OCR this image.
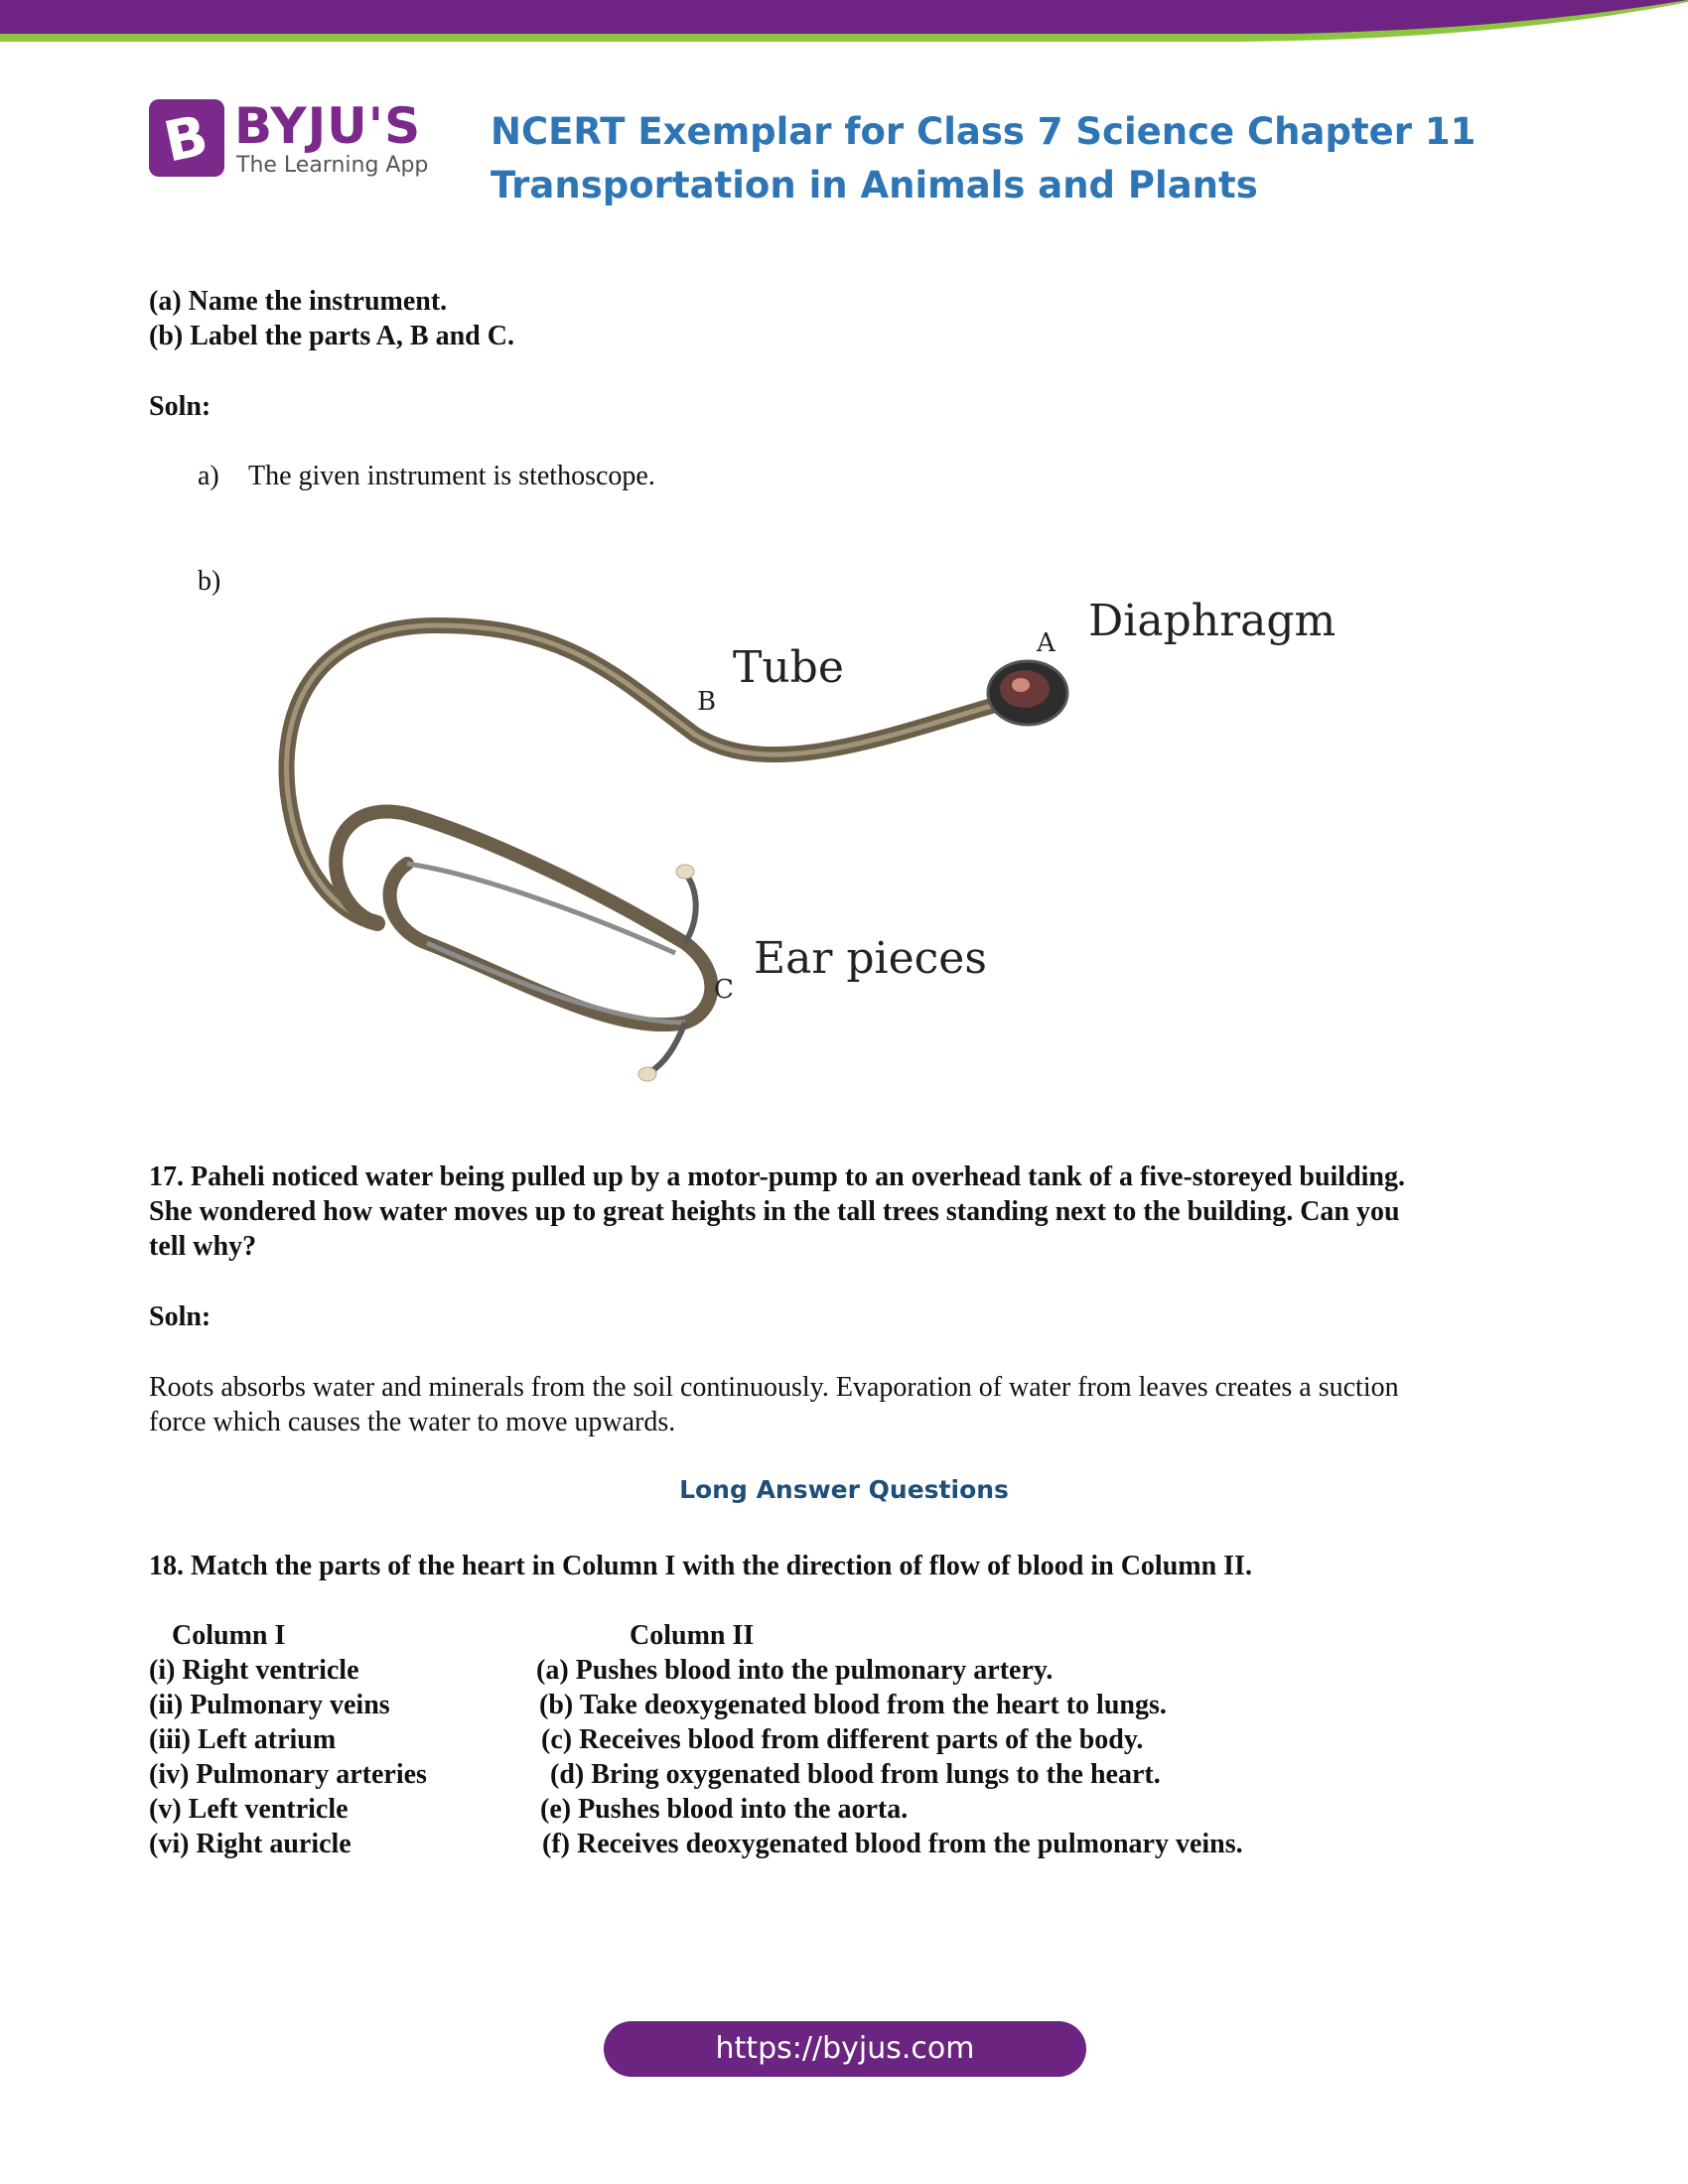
B BYJU'S
The Learning App
NCERT Exemplar for Class 7 Science Chapter 11
Transportation in Animals and Plants
(a) Name the instrument.
(b) Label the parts A, B and C.
Soln:
a) The given instrument is stethoscope.
b)
A Diaphragm
B
Tube
C
Ear pieces
17. Paheli noticed water being pulled up by a motor-pump to an overhead tank of a five-storeyed building.
She wondered how water moves up to great heights in the tall trees standing next to the building. Can you
tell why?
Soln:
Roots absorbs water and minerals from the soil continuously. Evaporation of water from leaves creates a suction
force which causes the water to move upwards.
Long Answer Questions
18. Match the parts of the heart in Column I with the direction of flow of blood in Column II.
Column I
(i) Right ventricle
(ii) Pulmonary veins
(iii) Left atrium
(iv) Pulmonary arteries
(v) Left ventricle
(vi) Right auricle
Column II
(a) Pushes blood into the pulmonary artery.
(b) Take deoxygenated blood from the heart to lungs.
(c) Receives blood from different parts of the body.
(d) Bring oxygenated blood from lungs to the heart.
(e) Pushes blood into the aorta.
(f) Receives deoxygenated blood from the pulmonary veins.
https://byjus.com
